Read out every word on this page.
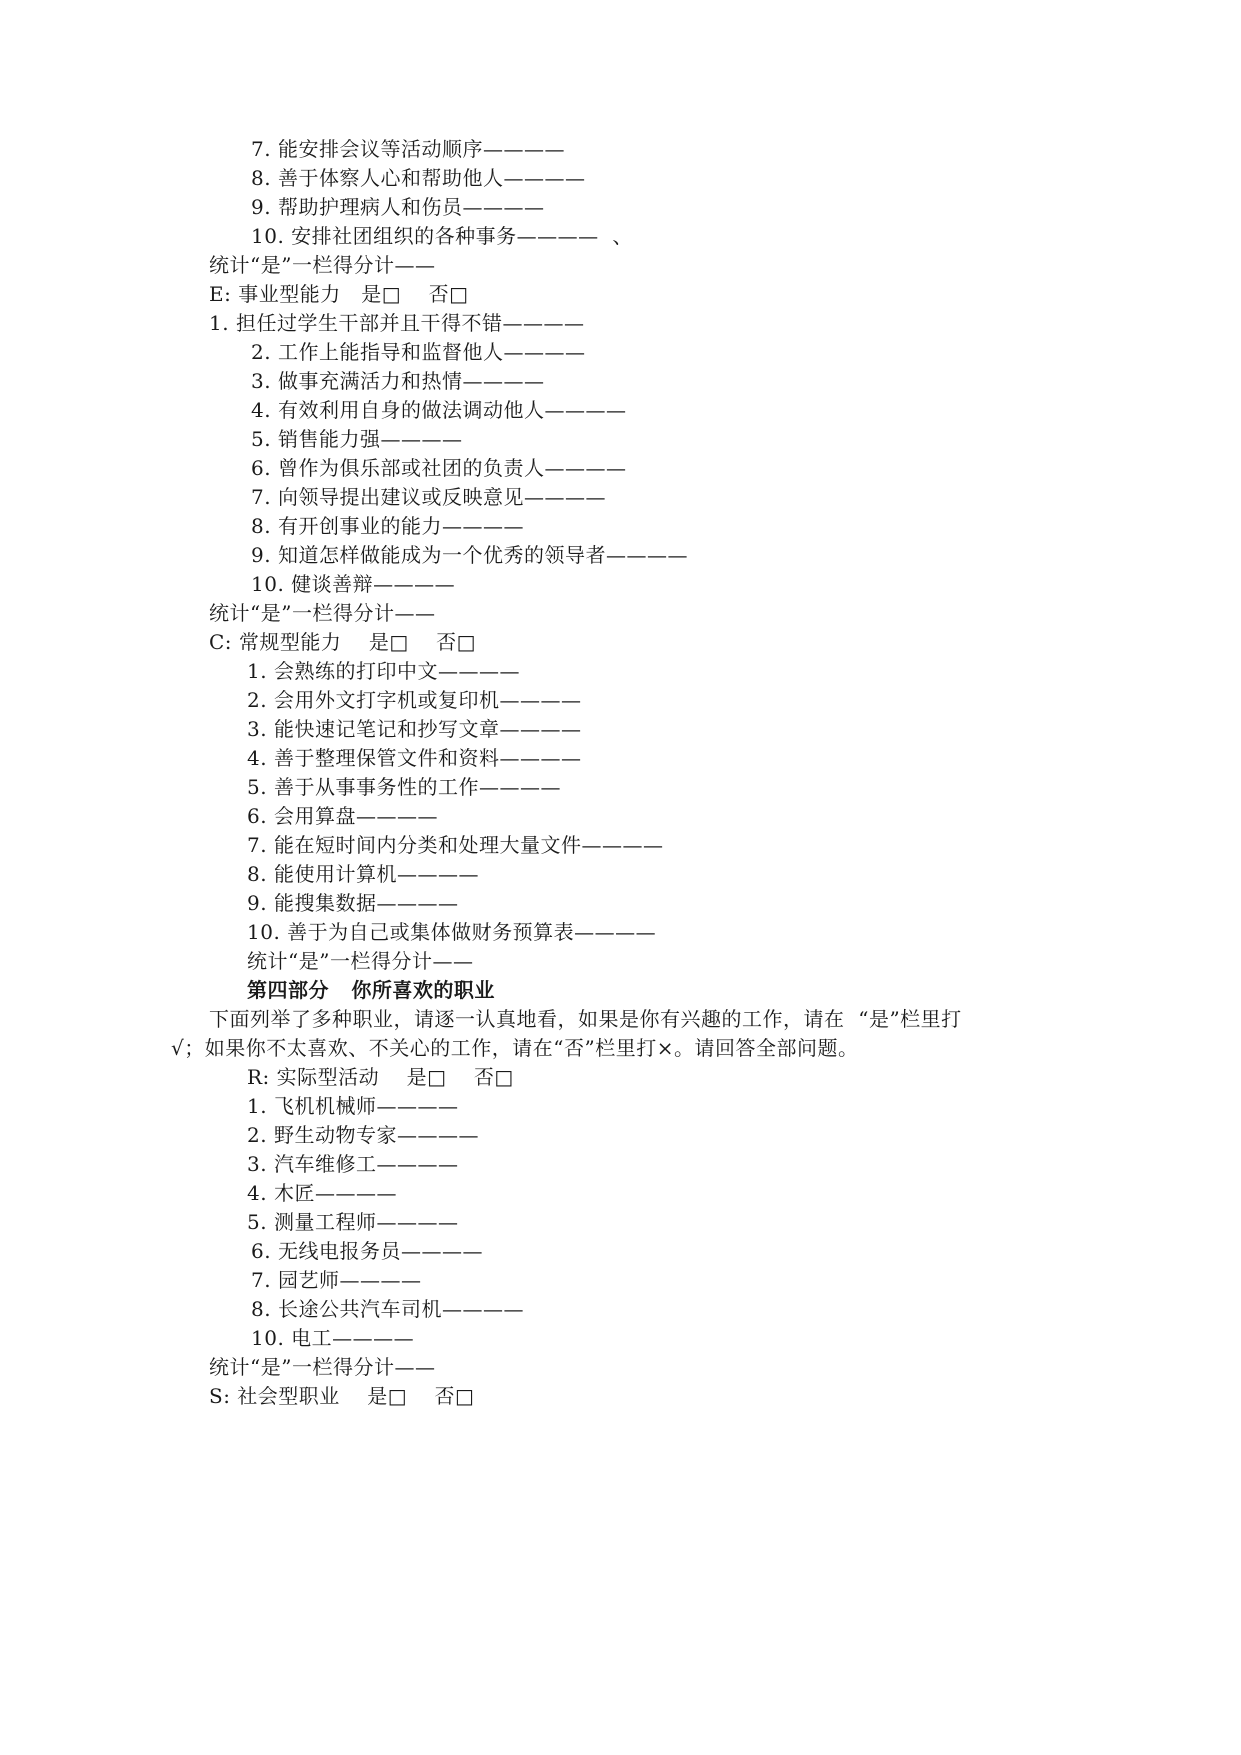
7. 能安排会议等活动顺序————
8. 善于体察人心和帮助他人————
9. 帮助护理病人和伤员————
10. 安排社团组织的各种事务————  、
统计“是”一栏得分计——
E: 事业型能力   是□    否□
1. 担任过学生干部并且干得不错————
2. 工作上能指导和监督他人————
3. 做事充满活力和热情————
4. 有效利用自身的做法调动他人————
5. 销售能力强————
6. 曾作为俱乐部或社团的负责人————
7. 向领导提出建议或反映意见————
8. 有开创事业的能力————
9. 知道怎样做能成为一个优秀的领导者————
10. 健谈善辩————
统计“是”一栏得分计——
C: 常规型能力    是□    否□
1. 会熟练的打印中文————
2. 会用外文打字机或复印机————
3. 能快速记笔记和抄写文章————
4. 善于整理保管文件和资料————
5. 善于从事事务性的工作————
6. 会用算盘————
7. 能在短时间内分类和处理大量文件————
8. 能使用计算机————
9. 能搜集数据————
10. 善于为自己或集体做财务预算表————
统计“是”一栏得分计——
第四部分   你所喜欢的职业
下面列举了多种职业，请逐一认真地看，如果是你有兴趣的工作，请在  “是”栏里打
√；如果你不太喜欢、不关心的工作，请在“否”栏里打×。请回答全部问题。
R: 实际型活动    是□    否□
1. 飞机机械师————
2. 野生动物专家————
3. 汽车维修工————
4. 木匠————
5. 测量工程师————
6. 无线电报务员————
7. 园艺师————
8. 长途公共汽车司机————
10. 电工————
统计“是”一栏得分计——
S: 社会型职业    是□    否□
